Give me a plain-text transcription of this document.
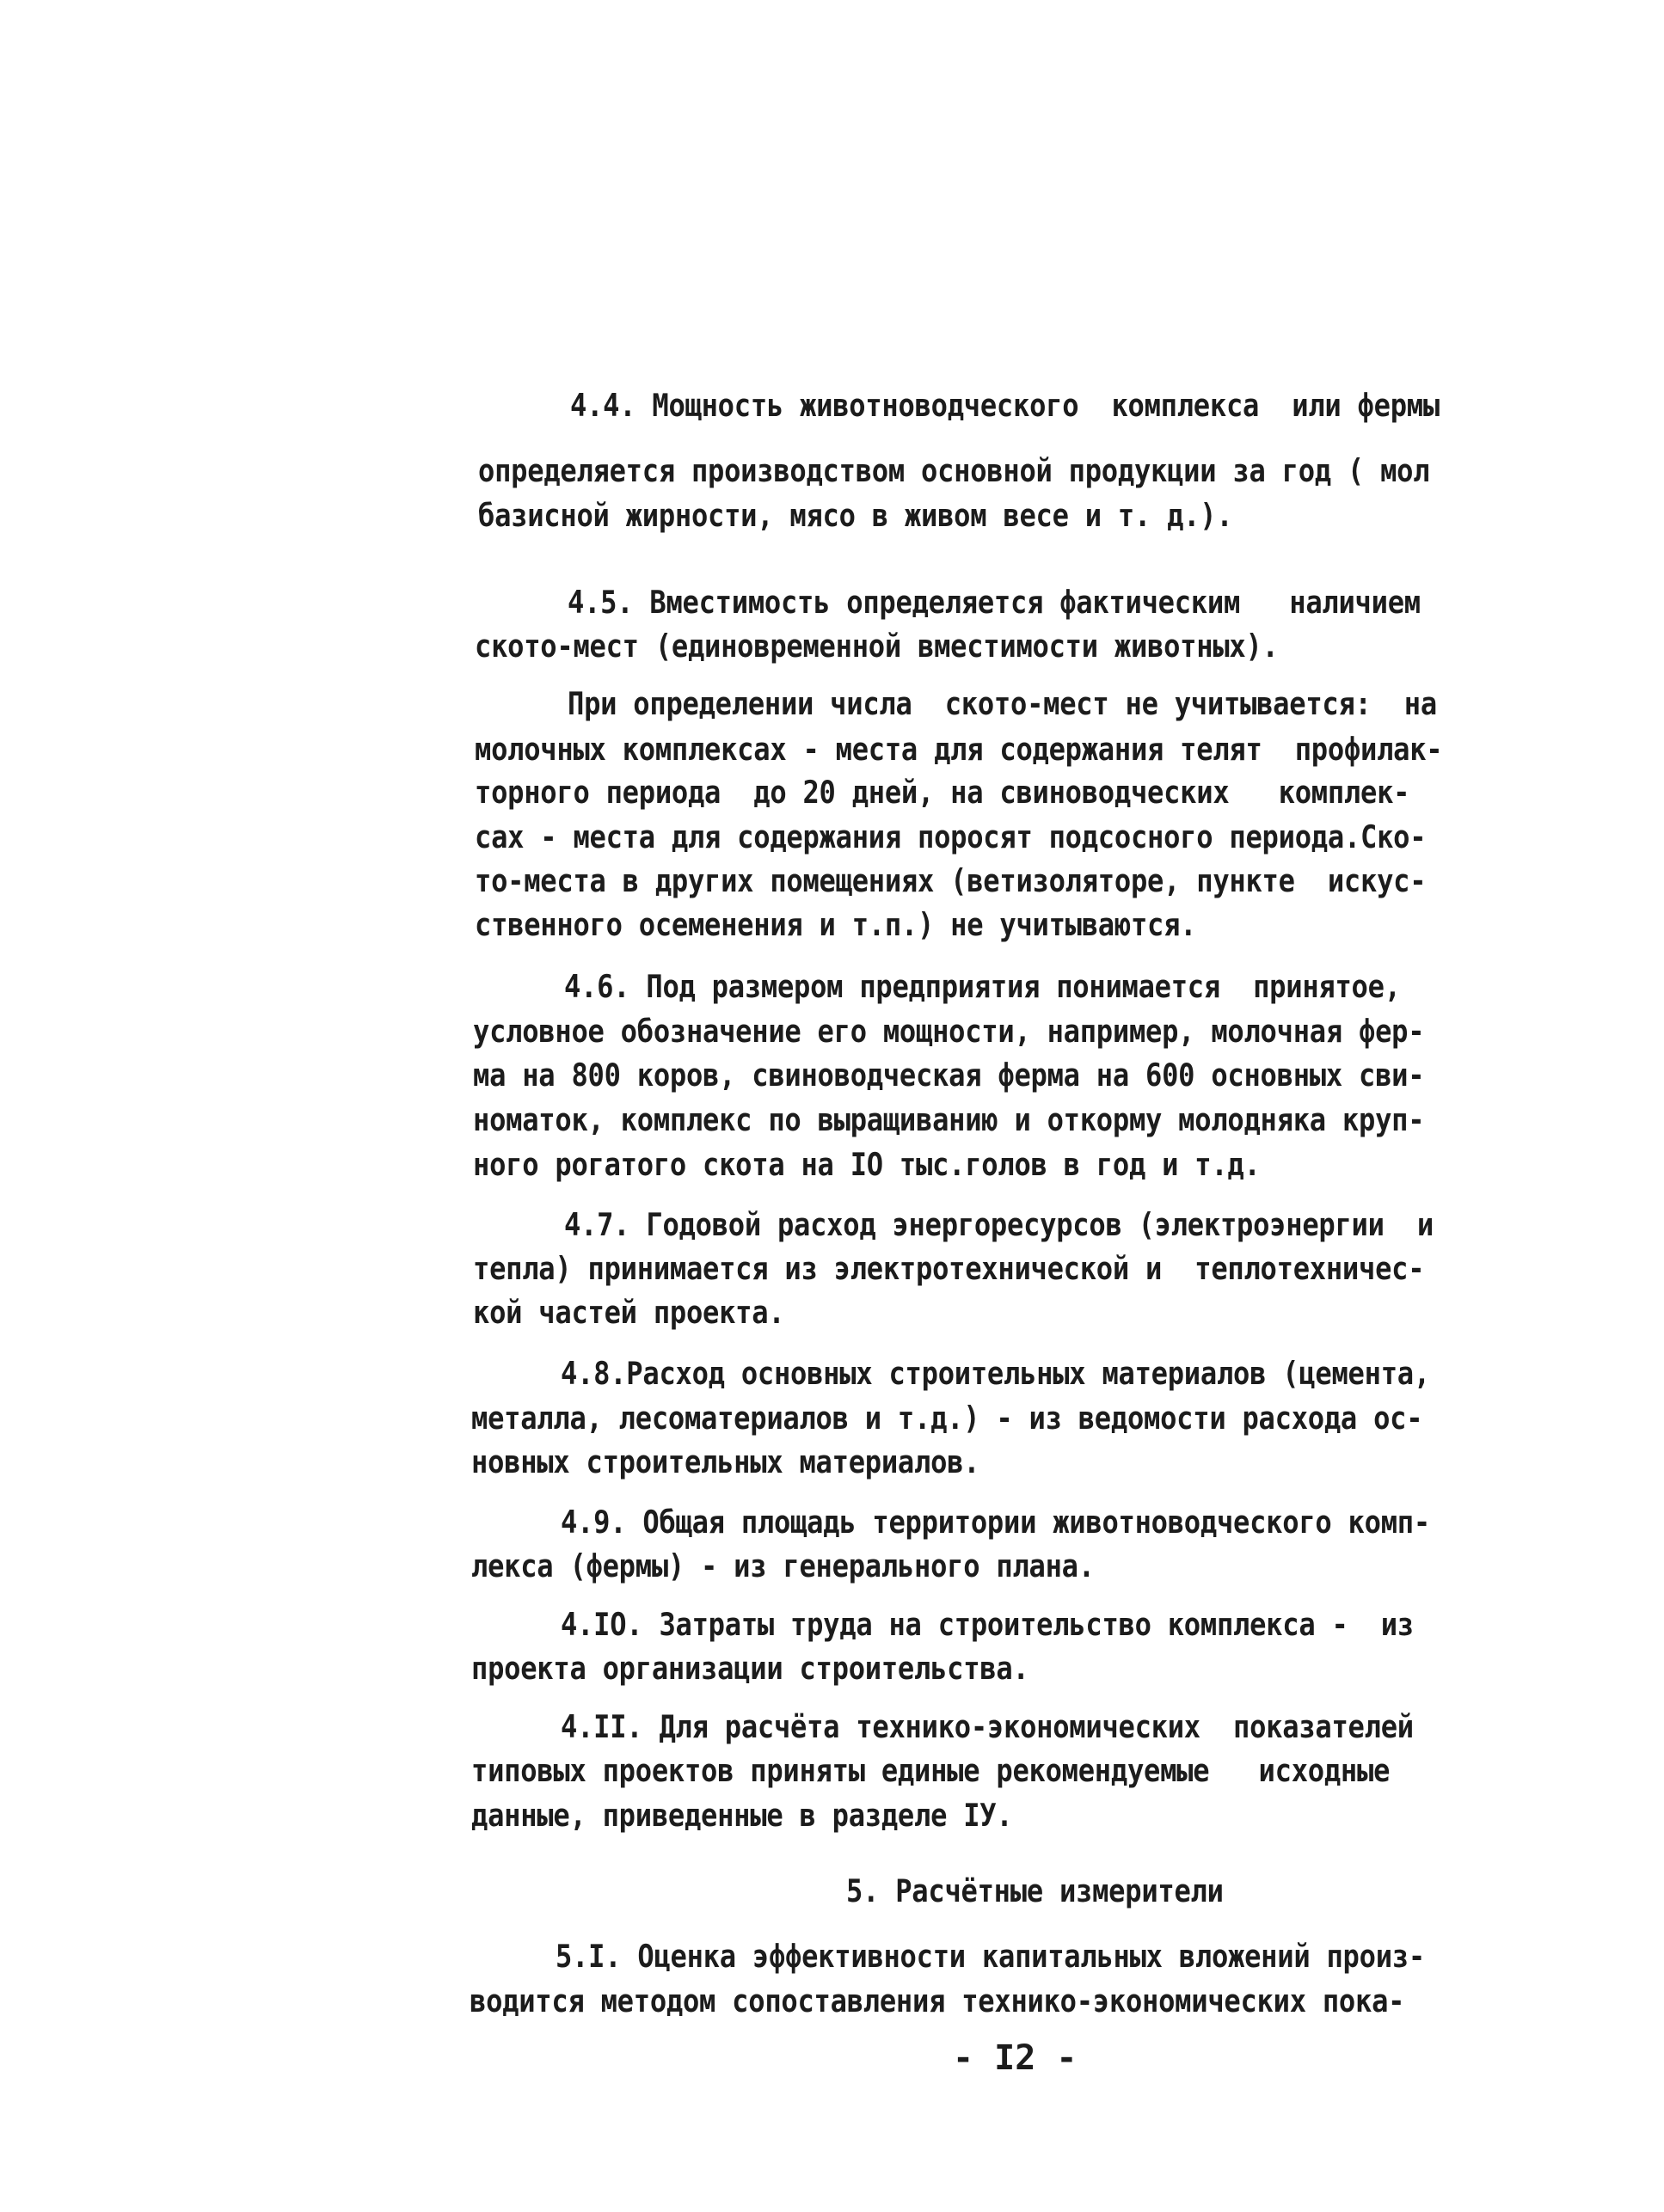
4.4. Мощность животноводческого  комплекса  или фермы
определяется производством основной продукции за год ( мол
базисной жирности, мясо в живом весе и т. д.).
4.5. Вместимость определяется фактическим   наличием
ското-мест (единовременной вместимости животных).
При определении числа  ското-мест не учитывается:  на
молочных комплексах - места для содержания телят  профилак-
торного периода  до 20 дней, на свиноводческих   комплек-
сах - места для содержания поросят подсосного периода.Ско-
то-места в других помещениях (ветизоляторе, пункте  искус-
ственного осеменения и т.п.) не учитываются.
4.6. Под размером предприятия понимается  принятое,
условное обозначение его мощности, например, молочная фер-
ма на 800 коров, свиноводческая ферма на 600 основных сви-
номаток, комплекс по выращиванию и откорму молодняка круп-
ного рогатого скота на IO тыс.голов в год и т.д.
4.7. Годовой расход энергоресурсов (электроэнергии  и
тепла) принимается из электротехнической и  теплотехничес-
кой частей проекта.
4.8.Расход основных строительных материалов (цемента,
металла, лесоматериалов и т.д.) - из ведомости расхода ос-
новных строительных материалов.
4.9. Общая площадь территории животноводческого комп-
лекса (фермы) - из генерального плана.
4.IO. Затраты труда на строительство комплекса -  из
проекта организации строительства.
4.II. Для расчёта технико-экономических  показателей
типовых проектов приняты единые рекомендуемые   исходные
данные, приведенные в разделе IУ.
5. Расчётные измерители
5.I. Оценка эффективности капитальных вложений произ-
водится методом сопоставления технико-экономических пока-
- I2 -
